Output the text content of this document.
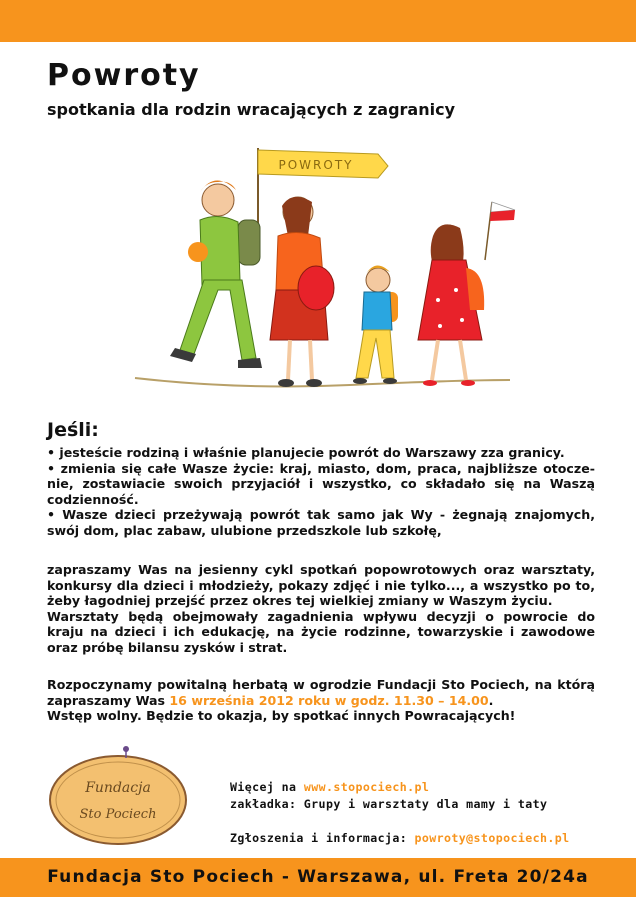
Powroty
spotkania dla rodzin wracających z zagranicy
POWROTY
Jeśli:

• jesteście rodziną i właśnie planujecie powrót do Warszawy zza granicy.

• zmienia się całe Wasze życie: kraj, miasto, dom, praca, najbliższe otocze-nie, zostawiacie swoich przyjaciół i wszystko, co składało się na Waszą codzienność.

• Wasze dzieci przeżywają powrót tak samo jak Wy - żegnają znajomych, swój dom, plac zabaw, ulubione przedszkole lub szkołę,

zapraszamy Was na jesienny cykl spotkań popowrotowych oraz warsztaty, konkursy dla dzieci i młodzieży, pokazy zdjęć i nie tylko..., a wszystko po to, żeby łagodniej przejść przez okres tej wielkiej zmiany w Waszym życiu.

Warsztaty będą obejmowały zagadnienia wpływu decyzji o powrocie do kraju na dzieci i ich edukację, na życie rodzinne, towarzyskie i zawodowe oraz próbę bilansu zysków i strat.

Rozpoczynamy powitalną herbatą w ogrodzie Fundacji Sto Pociech, na którą zapraszamy Was 16 września 2012 roku w godz. 11.30 – 14.00.

Wstęp wolny. Będzie to okazja, by spotkać innych Powracających!

Fundacja
Sto Pociech

Więcej na www.stopociech.pl

zakładka: Grupy i warsztaty dla mamy i taty

Zgłoszenia i informacja: powroty@stopociech.pl

Fundacja Sto Pociech - Warszawa, ul. Freta 20/24a
